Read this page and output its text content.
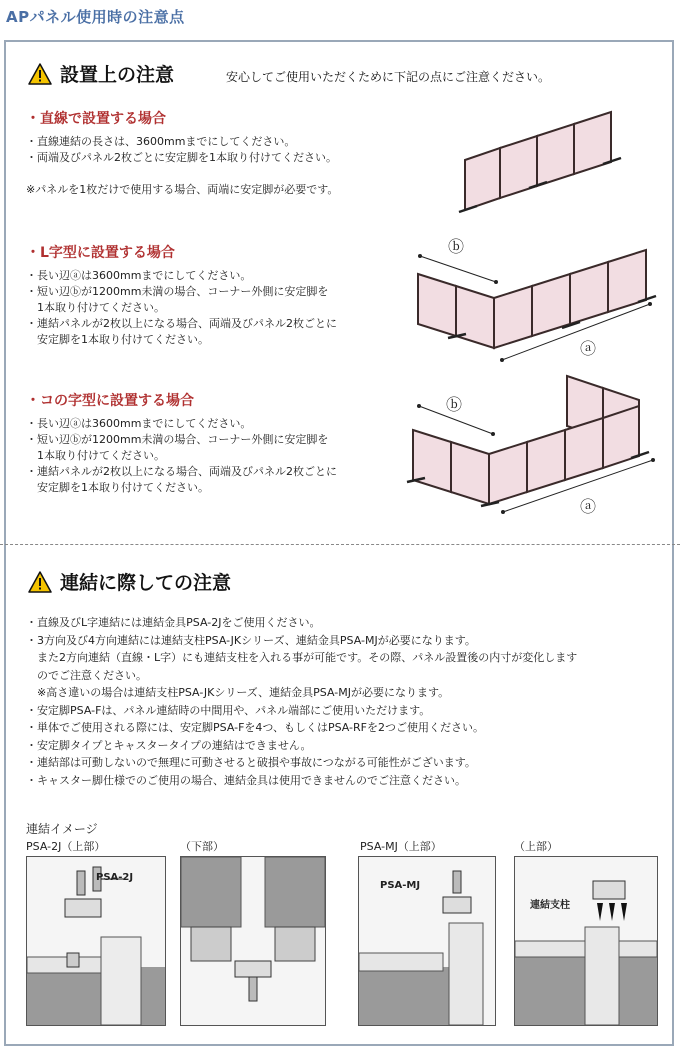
APパネル使用時の注意点
設置上の注意	安心してご使用いただくために下記の点にご注意ください。
・直線で設置する場合
・直線連結の長さは、3600mmまでにしてください。
・両端及びパネル2枚ごとに安定脚を1本取り付けてください。
※パネルを1枚だけで使用する場合、両端に安定脚が必要です。
・L字型に設置する場合
・長い辺ⓐは3600mmまでにしてください。
・短い辺ⓑが1200mm未満の場合、コーナー外側に安定脚を
　1本取り付けてください。
・連結パネルが2枚以上になる場合、両端及びパネル2枚ごとに
　安定脚を1本取り付けてください。
ⓑ
ⓐ
・コの字型に設置する場合
・長い辺ⓐは3600mmまでにしてください。
・短い辺ⓑが1200mm未満の場合、コーナー外側に安定脚を
　1本取り付けてください。
・連結パネルが2枚以上になる場合、両端及びパネル2枚ごとに
　安定脚を1本取り付けてください。
ⓑ
ⓐ
連結に際しての注意
・直線及びL字連結には連結金具PSA-2Jをご使用ください。
・3方向及び4方向連結には連結支柱PSA-JKシリーズ、連結金具PSA-MJが必要になります。
　また2方向連結（直線・L字）にも連結支柱を入れる事が可能です。その際、パネル設置後の内寸が変化します
　のでご注意ください。
　※高さ違いの場合は連結支柱PSA-JKシリーズ、連結金具PSA-MJが必要になります。
・安定脚PSA-Fは、パネル連結時の中間用や、パネル端部にご使用いただけます。
・単体でご使用される際には、安定脚PSA-Fを4つ、もしくはPSA-RFを2つご使用ください。
・安定脚タイプとキャスタータイプの連結はできません。
・連結部は可動しないので無理に可動させると破損や事故につながる可能性がございます。
・キャスター脚仕様でのご使用の場合、連結金具は使用できませんのでご注意ください。
連結イメージ
PSA-2J（上部）	（下部）	PSA-MJ（上部）	（上部）
PSA-2J
PSA-MJ
連結支柱
